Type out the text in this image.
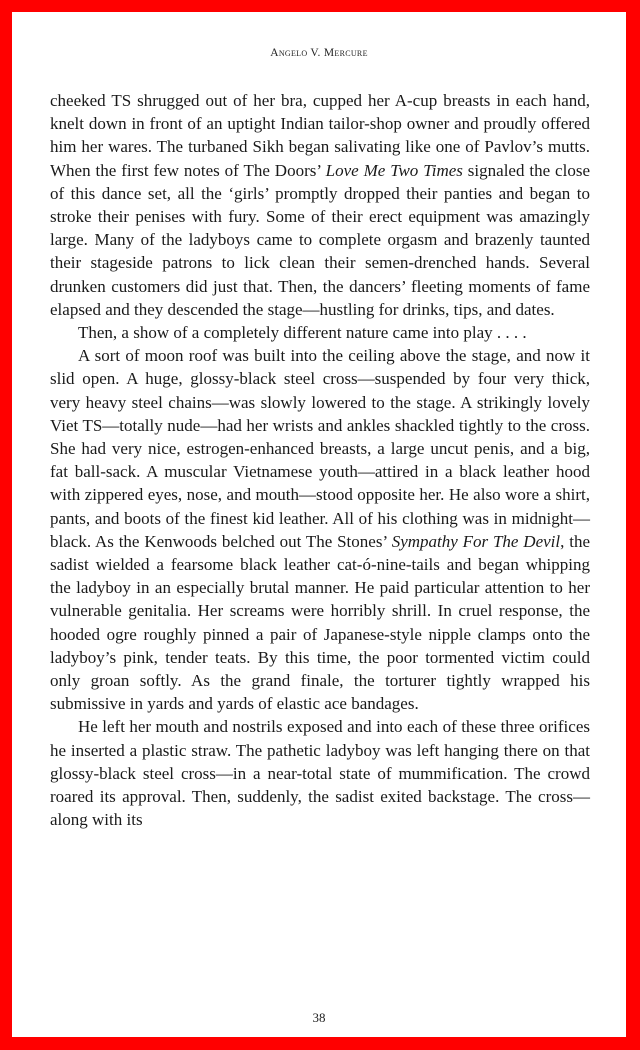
Angelo V. Mercure

cheeked TS shrugged out of her bra, cupped her A-cup breasts in each hand, knelt down in front of an uptight Indian tailor-shop owner and proudly offered him her wares. The turbaned Sikh began salivating like one of Pavlov’s mutts. When the first few notes of The Doors’ Love Me Two Times signaled the close of this dance set, all the ‘girls’ promptly dropped their panties and began to stroke their penises with fury. Some of their erect equipment was amazingly large. Many of the ladyboys came to complete orgasm and brazenly taunted their stageside patrons to lick clean their semen-drenched hands. Several drunken customers did just that. Then, the dancers’ fleeting moments of fame elapsed and they descended the stage—hustling for drinks, tips, and dates.

Then, a show of a completely different nature came into play . . . .

A sort of moon roof was built into the ceiling above the stage, and now it slid open. A huge, glossy-black steel cross—suspended by four very thick, very heavy steel chains—was slowly lowered to the stage. A strikingly lovely Viet TS—totally nude—had her wrists and ankles shackled tightly to the cross. She had very nice, estrogen-enhanced breasts, a large uncut penis, and a big, fat ball-sack. A muscular Vietnamese youth—attired in a black leather hood with zippered eyes, nose, and mouth—stood opposite her. He also wore a shirt, pants, and boots of the finest kid leather. All of his clothing was in midnight—black. As the Kenwoods belched out The Stones’ Sympathy For The Devil, the sadist wielded a fearsome black leather cat-ó-nine-tails and began whipping the ladyboy in an especially brutal manner. He paid particular attention to her vulnerable genitalia. Her screams were horribly shrill. In cruel response, the hooded ogre roughly pinned a pair of Japanese-style nipple clamps onto the ladyboy’s pink, tender teats. By this time, the poor tormented victim could only groan softly. As the grand finale, the torturer tightly wrapped his submissive in yards and yards of elastic ace bandages.

He left her mouth and nostrils exposed and into each of these three orifices he inserted a plastic straw. The pathetic ladyboy was left hanging there on that glossy-black steel cross—in a near-total state of mummification. The crowd roared its approval. Then, suddenly, the sadist exited backstage. The cross—along with its

38
